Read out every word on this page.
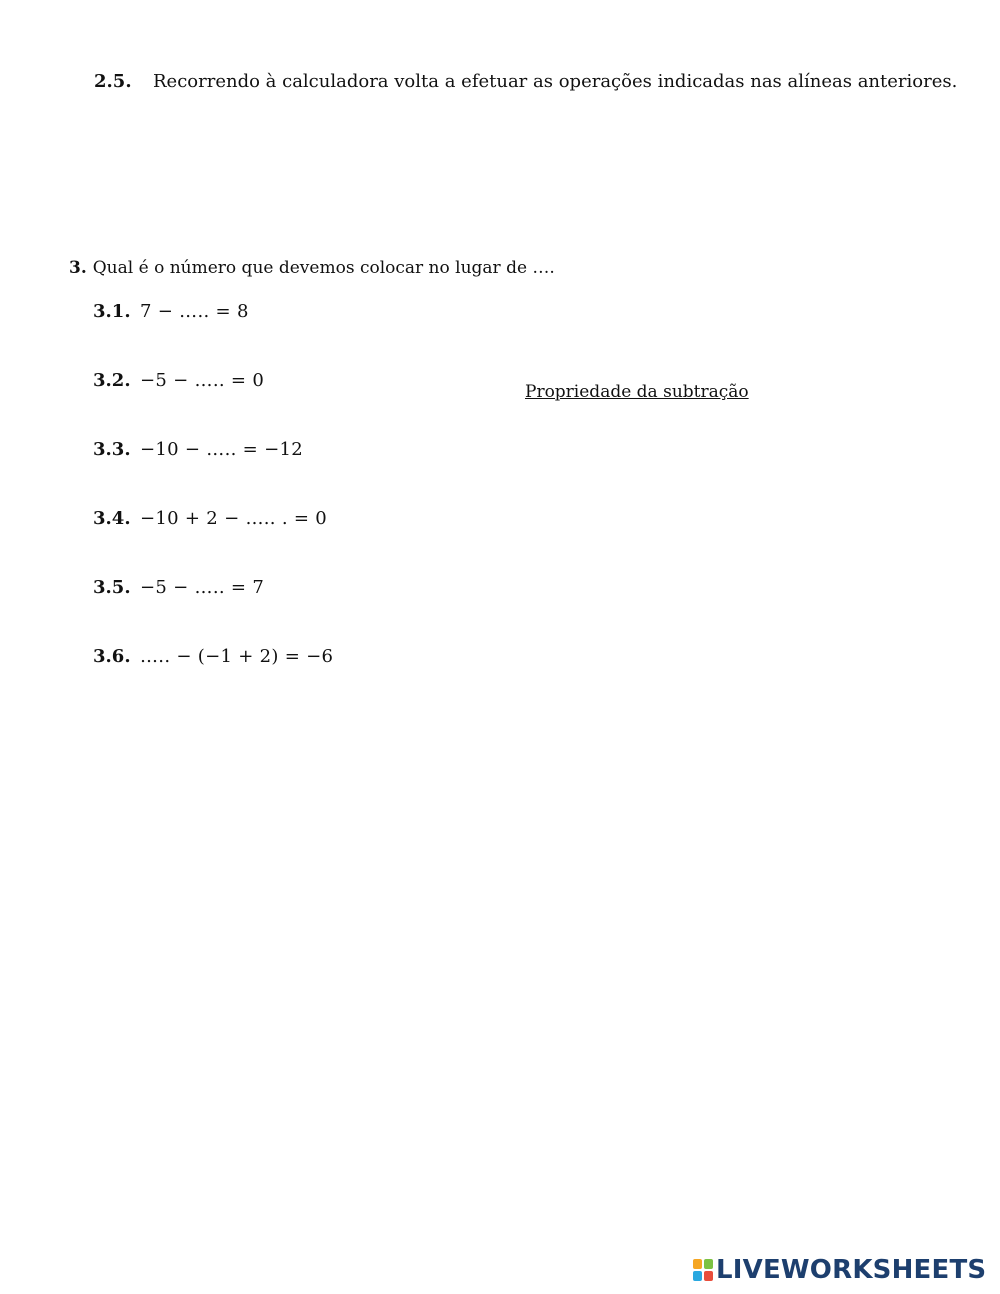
2.5. Recorrendo à calculadora volta a efetuar as operações indicadas nas alíneas anteriores.
3. Qual é o número que devemos colocar no lugar de ….
3.1. 7 − ….. = 8
3.2. −5 − ….. = 0
3.3. −10 − ….. = −12
3.4. −10 + 2 − ….. . = 0
3.5. −5 − ….. = 7
3.6. ….. − (−1 + 2) = −6
Propriedade da subtração
LIVEWORKSHEETS
